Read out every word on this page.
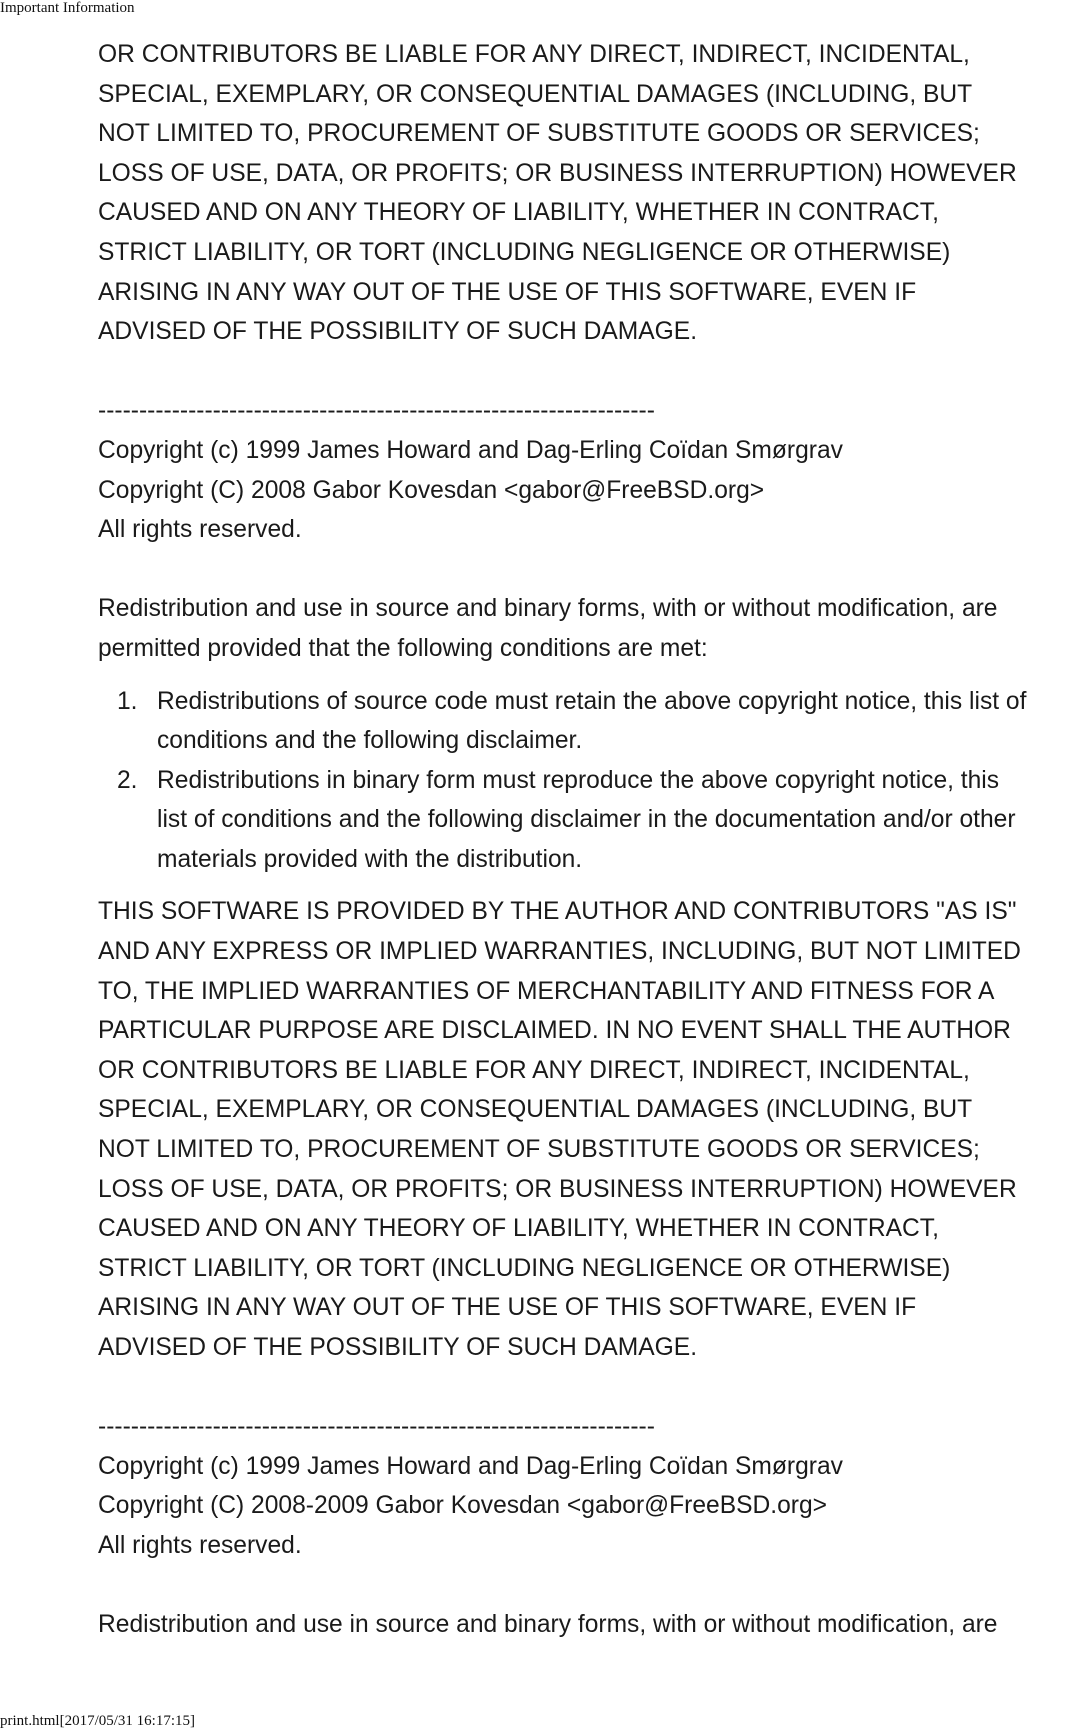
Important Information

OR CONTRIBUTORS BE LIABLE FOR ANY DIRECT, INDIRECT, INCIDENTAL,

SPECIAL, EXEMPLARY, OR CONSEQUENTIAL DAMAGES (INCLUDING, BUT

NOT LIMITED TO, PROCUREMENT OF SUBSTITUTE GOODS OR SERVICES;

LOSS OF USE, DATA, OR PROFITS; OR BUSINESS INTERRUPTION) HOWEVER

CAUSED AND ON ANY THEORY OF LIABILITY, WHETHER IN CONTRACT,

STRICT LIABILITY, OR TORT (INCLUDING NEGLIGENCE OR OTHERWISE)

ARISING IN ANY WAY OUT OF THE USE OF THIS SOFTWARE, EVEN IF

ADVISED OF THE POSSIBILITY OF SUCH DAMAGE.

--------------------------------------------------------------------

Copyright (c) 1999 James Howard and Dag-Erling Coïdan Smørgrav

Copyright (C) 2008 Gabor Kovesdan <gabor@FreeBSD.org>

All rights reserved.

Redistribution and use in source and binary forms, with or without modification, are

permitted provided that the following conditions are met:

1. Redistributions of source code must retain the above copyright notice, this list of

conditions and the following disclaimer.

2. Redistributions in binary form must reproduce the above copyright notice, this

list of conditions and the following disclaimer in the documentation and/or other

materials provided with the distribution.

THIS SOFTWARE IS PROVIDED BY THE AUTHOR AND CONTRIBUTORS "AS IS"

AND ANY EXPRESS OR IMPLIED WARRANTIES, INCLUDING, BUT NOT LIMITED

TO, THE IMPLIED WARRANTIES OF MERCHANTABILITY AND FITNESS FOR A

PARTICULAR PURPOSE ARE DISCLAIMED. IN NO EVENT SHALL THE AUTHOR

OR CONTRIBUTORS BE LIABLE FOR ANY DIRECT, INDIRECT, INCIDENTAL,

SPECIAL, EXEMPLARY, OR CONSEQUENTIAL DAMAGES (INCLUDING, BUT

NOT LIMITED TO, PROCUREMENT OF SUBSTITUTE GOODS OR SERVICES;

LOSS OF USE, DATA, OR PROFITS; OR BUSINESS INTERRUPTION) HOWEVER

CAUSED AND ON ANY THEORY OF LIABILITY, WHETHER IN CONTRACT,

STRICT LIABILITY, OR TORT (INCLUDING NEGLIGENCE OR OTHERWISE)

ARISING IN ANY WAY OUT OF THE USE OF THIS SOFTWARE, EVEN IF

ADVISED OF THE POSSIBILITY OF SUCH DAMAGE.

--------------------------------------------------------------------

Copyright (c) 1999 James Howard and Dag-Erling Coïdan Smørgrav

Copyright (C) 2008-2009 Gabor Kovesdan <gabor@FreeBSD.org>

All rights reserved.

Redistribution and use in source and binary forms, with or without modification, are

print.html[2017/05/31 16:17:15]
